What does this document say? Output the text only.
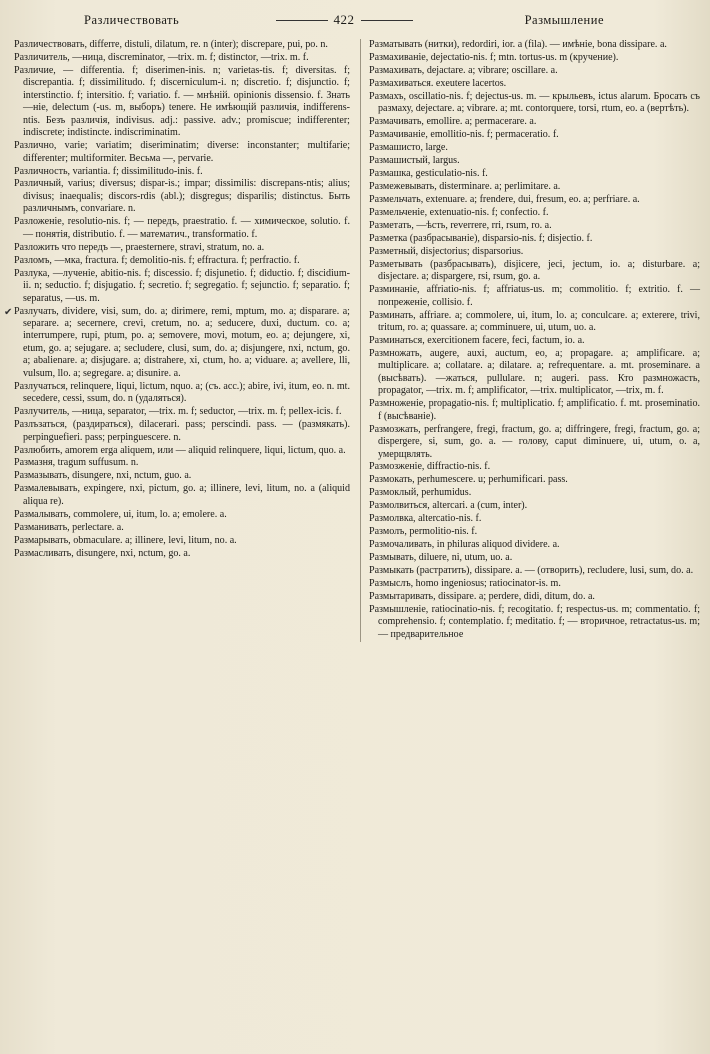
Различествовать	422	Размышление

Различествовать, differre, distuli, dilatum, re. n (inter); discrepare, pui, po. n.

Различитель, —ница, discreminator, —trix. m. f; distinctor, —trix. m. f.

Различие, — differentia. f; diserimen-inis. n; varietas-tis. f; diversitas. f; discrepantia. f; dissimilitudo. f; discerniculum-i. n; discretio. f; disjunctio. f; interstinctio. f; intersitio. f; variatio. f. — мнѣній. opinionis dissensio. f. Знать —ніе, delectum (-us. m, выборъ) tenere. Не имѣющій различія, indifferens-ntis. Безъ различія, indivisus. adj.: passive. adv.; promiscue; indifferenter; indiscrete; indistincte. indiscriminatim.

Различно, varie; variatim; diseriminatim; diverse: inconstanter; multifarie; differenter; multiformiter. Весьма —, pervarie.

Различность, variantia. f; dissimilitudo-inis. f.

Различный, varius; diversus; dispar-is.; impar; dissimilis: discrepans-ntis; alius; divisus; inaequalis; discors-rdis (abl.); disgregus; disparilis; distinctus. Быть различнымъ, convariare. n.

Разложеніе, resolutio-nis. f; — передъ, praestratio. f. — химическое, solutio. f. — понятія, distributio. f. — математич., transformatio. f.

Разложить что передъ —, praesternere, stravi, stratum, no. a.

Разломъ, —мка, fractura. f; demolitio-nis. f; effractura. f; perfractio. f.

Разлука, —лученіе, abitio-nis. f; discessio. f; disjunetio. f; diductio. f; discidium-ii. n; seductio. f; disjugatio. f; secretio. f; segregatio. f; sejunctio. f; separatio. f; separatus, —us. m.

Разлучать, dividere, visi, sum, do. a; dirimere, remi, mptum, mo. a; disparare. a; separare. a; secernere, crevi, cretum, no. a; seducere, duxi, ductum. co. a; interrumpere, rupi, ptum, po. a; semovere, movi, motum, eo. a; dejungere, xi, etum, go. a; sejugare. a; secludere, clusi, sum, do. a; disjungere, nxi, nctum, go. a; abalienare. a; disjugare. a; distrahere, xi, ctum, ho. a; viduare. a; avellere, lli, vulsum, llo. a; segregare. a; disunire. a.

Разлучаться, relinquere, liqui, lictum, nquo. a; (съ. acc.); abire, ivi, itum, eo. n. mt. secedere, cessi, ssum, do. n (удаляться).

Разлучитель, —ница, separator, —trix. m. f; seductor, —trix. m. f; pellex-icis. f.

Разлъзаться, (раздираться), dilacerari. pass; perscindi. pass. — (размякать). perpinguefieri. pass; perpinguescere. n.

Разлюбить, amorem erga aliquem, или — aliquid relinquere, liqui, lictum, quo. a.

Размазня, tragum suffusum. n.

Размазывать, disungere, nxi, nctum, guo. a.

Размалевывать, expingere, nxi, pictum, go. a; illinere, levi, litum, no. a (aliquid aliqua re).

Размалывать, commolere, ui, itum, lo. a; emolere. a.

Разманивать, perlectare. a.

Размарывать, obmaculare. a; illinere, levi, litum, no. a.

Размасливать, disungere, nxi, nctum, go. a.

Разматывать (нитки), redordiri, ior. a (fila). — имѣніе, bona dissipare. a.

Размахиваніе, dejectatio-nis. f; mtn. tortus-us. m (кручение).

Размахивать, dejactare. a; vibrare; oscillare. a.

Размахиваться. exeutere lacertos.

Размахъ, oscillatio-nis. f; dejectus-us. m. — крыльевъ, ictus alarum. Бросать съ размаху, dejectare. a; vibrare. a; mt. contorquere, torsi, rtum, eo. a (вертѣть).

Размачивать, emollire. a; permacerare. a.

Размачиваніе, emollitio-nis. f; permaceratio. f.

Размашисто, large.

Размашистый, largus.

Размашка, gesticulatio-nis. f.

Размежевывать, disterminare. a; perlimitare. a.

Размельчать, extenuare. a; frendere, dui, fresum, eo. a; perfriare. a.

Размельченіе, extenuatio-nis. f; confectio. f.

Разметать, —ѣсть, reverrere, rri, rsum, ro. a.

Разметка (разбрасываніе), disparsio-nis. f; disjectio. f.

Разметный, disjectorius; disparsorius.

Разметывать (разбрасывать), disjicere, jeci, jectum, io. a; disturbare. a; disjectare. a; dispargere, rsi, rsum, go. a.

Разминаніе, affriatio-nis. f; affriatus-us. m; commolitio. f; extritio. f. — попреженіе, collisio. f.

Разминать, affriare. a; commolere, ui, itum, lo. a; conculcare. a; exterere, trivi, tritum, ro. a; quassare. a; comminuere, ui, utum, uo. a.

Разминаться, exercitionem facere, feci, factum, io. a.

Размножать, augere, auxi, auctum, eo, a; propagare. a; amplificare. a; multiplicare. a; collatare. a; dilatare. a; refrequentare. a. mt. proseminare. a (высѣвать). —жаться, pullulare. n; augeri. pass. Кто размножасть, propagator, —trix. m. f; amplificator, —trix. multiplicator, —trix, m. f.

Размноженіе, propagatio-nis. f; multiplicatio. f; amplificatio. f. mt. proseminatio. f (высѣваніе).

Размозжать, perfrangere, fregi, fractum, go. a; diffringere, fregi, fractum, go. a; dispergere, si, sum, go. a. — голову, caput diminuere, ui, utum, o. a, умерщвлять.

Размозженіе, diffractio-nis. f.

Размокать, perhumescere. u; perhumificari. pass.

Размоклый, perhumidus.

Размолвиться, altercari. a (cum, inter).

Размолвка, altercatio-nis. f.

Размолъ, permolitio-nis. f.

Размочаливать, in philuras aliquod dividere. a.

Размывать, diluere, ni, utum, uo. a.

Размыкать (растратить), dissipare. a. — (отворить), recludere, lusi, sum, do. a.

Размыслъ, homo ingeniosus; ratiocinator-is. m.

Размытаривать, dissipare. a; perdere, didi, ditum, do. a.

Размышленіе, ratiocinatio-nis. f; recogitatio. f; respectus-us. m; commentatio. f; comprehensio. f; contemplatio. f; meditatio. f; — вторичное, retractatus-us. m; — предварительное

✔
